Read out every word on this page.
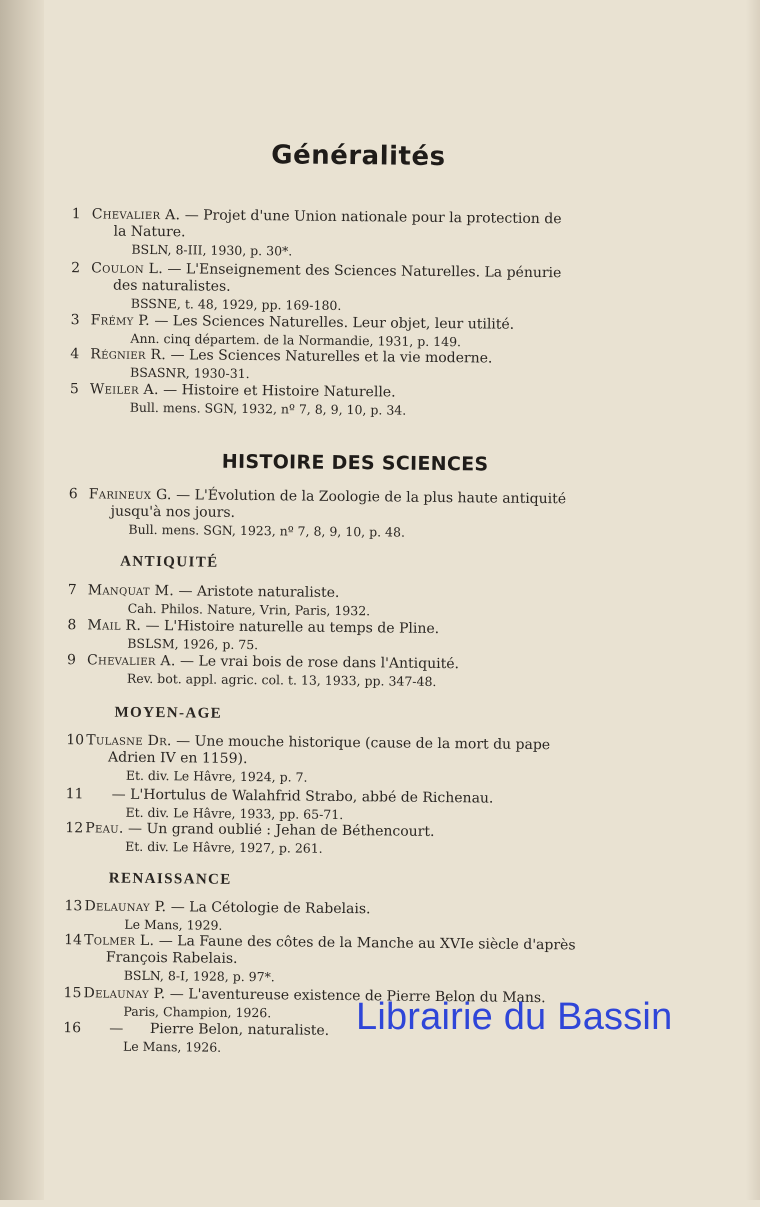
Généralités
1 Chevalier A. — Projet d'une Union nationale pour la protection de
la Nature.
BSLN, 8-III, 1930, p. 30*.
2 Coulon L. — L'Enseignement des Sciences Naturelles. La pénurie
des naturalistes.
BSSNE, t. 48, 1929, pp. 169-180.
3 Frémy P. — Les Sciences Naturelles. Leur objet, leur utilité.
Ann. cinq départem. de la Normandie, 1931, p. 149.
4 Régnier R. — Les Sciences Naturelles et la vie moderne.
BSASNR, 1930-31.
5 Weiler A. — Histoire et Histoire Naturelle.
Bull. mens. SGN, 1932, nº 7, 8, 9, 10, p. 34.
HISTOIRE DES SCIENCES
6 Farineux G. — L'Évolution de la Zoologie de la plus haute antiquité
jusqu'à nos jours.
Bull. mens. SGN, 1923, nº 7, 8, 9, 10, p. 48.
ANTIQUITÉ
7 Manquat M. — Aristote naturaliste.
Cah. Philos. Nature, Vrin, Paris, 1932.
8 Mail R. — L'Histoire naturelle au temps de Pline.
BSLSM, 1926, p. 75.
9 Chevalier A. — Le vrai bois de rose dans l'Antiquité.
Rev. bot. appl. agric. col. t. 13, 1933, pp. 347-48.
MOYEN-AGE
10 Tulasne Dr. — Une mouche historique (cause de la mort du pape
Adrien IV en 1159).
Et. div. Le Hâvre, 1924, p. 7.
11	— L'Hortulus de Walahfrid Strabo, abbé de Richenau.
Et. div. Le Hâvre, 1933, pp. 65-71.
12 Peau. — Un grand oublié : Jehan de Béthencourt.
Et. div. Le Hâvre, 1927, p. 261.
RENAISSANCE
13 Delaunay P. — La Cétologie de Rabelais.
Le Mans, 1929.
14 Tolmer L. — La Faune des côtes de la Manche au XVIe siècle d'après
François Rabelais.
BSLN, 8-I, 1928, p. 97*.
15 Delaunay P. — L'aventureuse existence de Pierre Belon du Mans.
Paris, Champion, 1926.
16	—      Pierre Belon, naturaliste.
Le Mans, 1926.
Librairie du Bassin
